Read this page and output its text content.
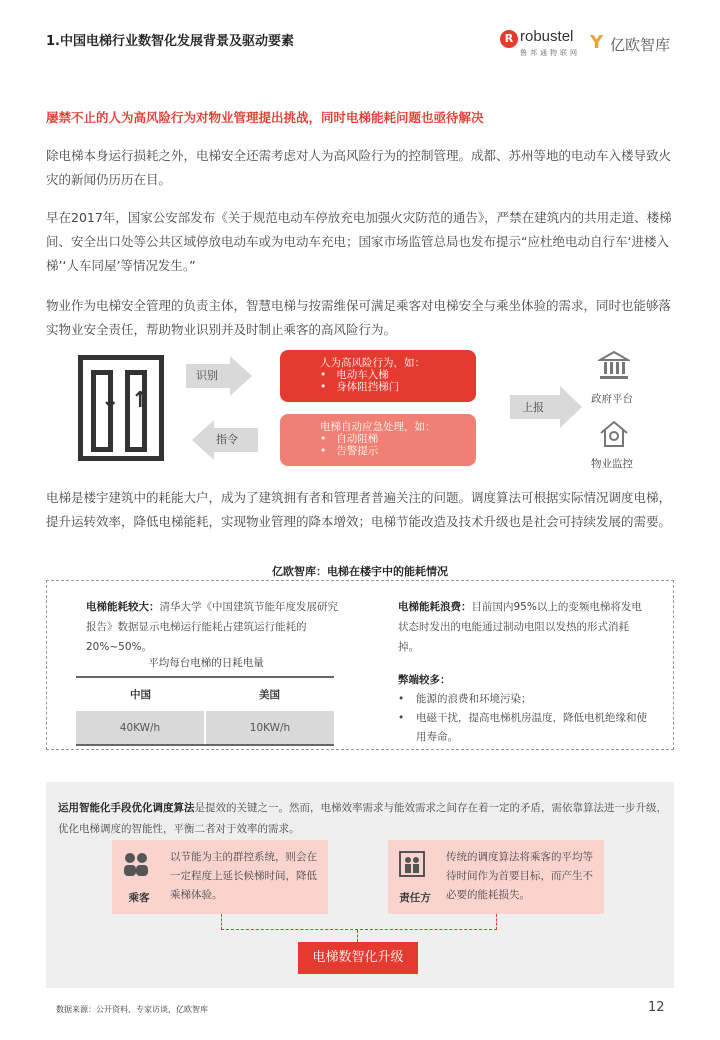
1.中国电梯行业数智化发展背景及驱动要素	R robustel
鲁邦通物联网 Y 亿欧智库
屡禁不止的人为高风险行为对物业管理提出挑战，同时电梯能耗问题也亟待解决
除电梯本身运行损耗之外，电梯安全还需考虑对人为高风险行为的控制管理。成都、苏州等地的电动车入楼导致火灾的新闻仍历历在目。
早在2017年，国家公安部发布《关于规范电动车停放充电加强火灾防范的通告》，严禁在建筑内的共用走道、楼梯间、安全出口处等公共区域停放电动车或为电动车充电；国家市场监管总局也发布提示“应杜绝电动自行车‘进楼入梯’‘人车同屋’等情况发生。”
物业作为电梯安全管理的负责主体，智慧电梯与按需维保可满足乘客对电梯安全与乘坐体验的需求，同时也能够落实物业安全责任，帮助物业识别并及时制止乘客的高风险行为。
↓ ↑
识别
指令
人为高风险行为，如：
• 电动车入梯
• 身体阻挡梯门
电梯自动应急处理，如：
• 自动阻梯
• 告警提示
上报
政府平台
物业监控
电梯是楼宇建筑中的耗能大户，成为了建筑拥有者和管理者普遍关注的问题。调度算法可根据实际情况调度电梯，提升运转效率，降低电梯能耗，实现物业管理的降本增效；电梯节能改造及技术升级也是社会可持续发展的需要。
亿欧智库：电梯在楼宇中的能耗情况
电梯能耗较大：清华大学《中国建筑节能年度发展研究报告》数据显示电梯运行能耗占建筑运行能耗的20%~50%。
平均每台电梯的日耗电量
中国	美国
40KW/h	10KW/h
电梯能耗浪费：目前国内95%以上的变频电梯将发电状态时发出的电能通过制动电阻以发热的形式消耗掉。
弊端较多：
• 能源的浪费和环境污染；
• 电磁干扰，提高电梯机房温度，降低电机绝缘和使用寿命。
运用智能化手段优化调度算法是提效的关键之一。然而，电梯效率需求与能效需求之间存在着一定的矛盾，需依靠算法进一步升级，优化电梯调度的智能性，平衡二者对于效率的需求。
乘客
以节能为主的群控系统，则会在一定程度上延长候梯时间，降低乘梯体验。	责任方
传统的调度算法将乘客的平均等待时间作为首要目标，而产生不必要的能耗损失。
电梯数智化升级
数据来源：公开资料、专家访谈，亿欧智库	12
